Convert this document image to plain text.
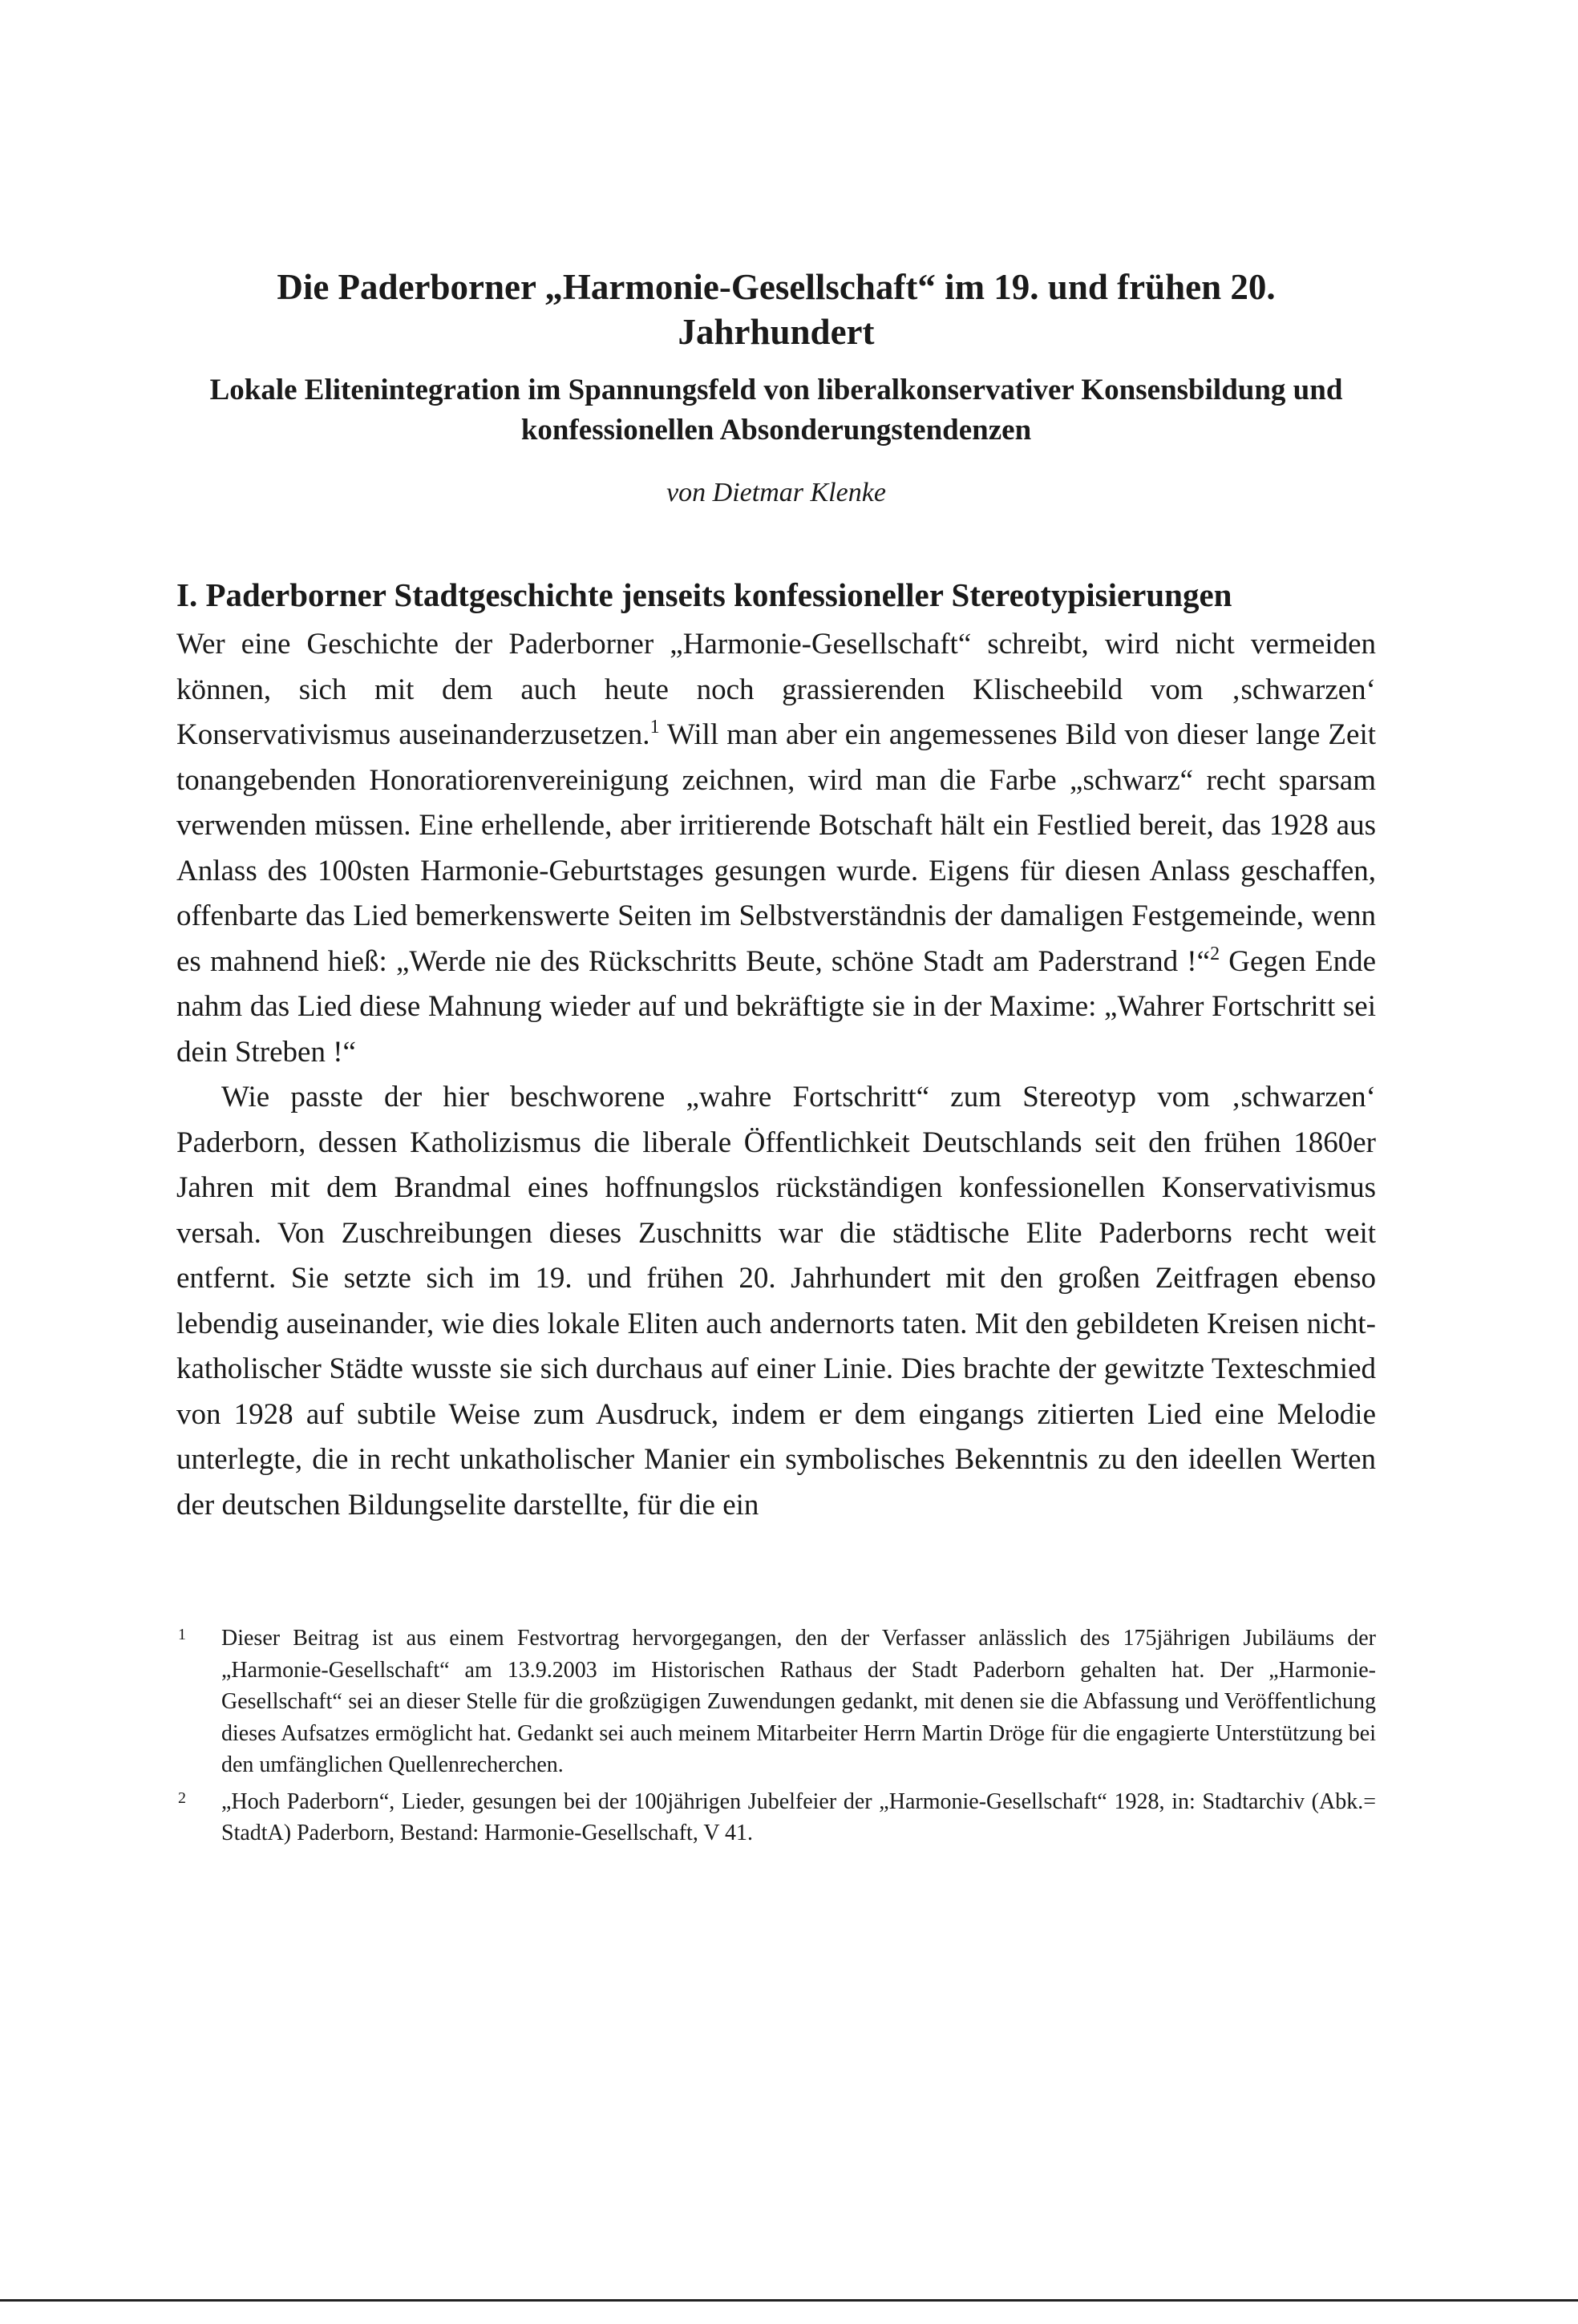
Die Paderborner „Harmonie-Gesellschaft“ im 19. und frühen 20. Jahrhundert
Lokale Elitenintegration im Spannungsfeld von liberalkonservativer Konsensbildung und konfessionellen Absonderungstendenzen
von Dietmar Klenke
I. Paderborner Stadtgeschichte jenseits konfessioneller Stereotypisierungen

Wer eine Geschichte der Paderborner „Harmonie-Gesellschaft“ schreibt, wird nicht vermeiden können, sich mit dem auch heute noch grassierenden Klischeebild vom ‚schwarzen‘ Konservativismus auseinanderzusetzen.$^1$ Will man aber ein angemessenes Bild von dieser lange Zeit tonangebenden Honoratiorenvereinigung zeichnen, wird man die Farbe „schwarz“ recht sparsam verwenden müssen. Eine erhellende, aber irritierende Botschaft hält ein Festlied bereit, das 1928 aus Anlass des 100sten Harmonie-Geburtstages gesungen wurde. Eigens für diesen Anlass geschaffen, offenbarte das Lied bemerkenswerte Seiten im Selbstverständnis der damaligen Festgemeinde, wenn es mahnend hieß: „Werde nie des Rückschritts Beute, schöne Stadt am Paderstrand !“$^2$ Gegen Ende nahm das Lied diese Mahnung wieder auf und bekräftigte sie in der Maxime: „Wahrer Fortschritt sei dein Streben !“

Wie passte der hier beschworene „wahre Fortschritt“ zum Stereotyp vom ‚schwarzen‘ Paderborn, dessen Katholizismus die liberale Öffentlichkeit Deutschlands seit den frühen 1860er Jahren mit dem Brandmal eines hoffnungslos rückständigen konfessionellen Konservativismus versah. Von Zuschreibungen dieses Zuschnitts war die städtische Elite Paderborns recht weit entfernt. Sie setzte sich im 19. und frühen 20. Jahrhundert mit den großen Zeitfragen ebenso lebendig auseinander, wie dies lokale Eliten auch andernorts taten. Mit den gebildeten Kreisen nicht-katholischer Städte wusste sie sich durchaus auf einer Linie. Dies brachte der gewitzte Texteschmied von 1928 auf subtile Weise zum Ausdruck, indem er dem eingangs zitierten Lied eine Melodie unterlegte, die in recht unkatholischer Manier ein symbolisches Bekenntnis zu den ideellen Werten der deutschen Bildungselite darstellte, für die ein

1 Dieser Beitrag ist aus einem Festvortrag hervorgegangen, den der Verfasser anlässlich des 175jährigen Jubiläums der „Harmonie-Gesellschaft“ am 13.9.2003 im Historischen Rathaus der Stadt Paderborn gehalten hat. Der „Harmonie-Gesellschaft“ sei an dieser Stelle für die großzügigen Zuwendungen gedankt, mit denen sie die Abfassung und Veröffentlichung dieses Aufsatzes ermöglicht hat. Gedankt sei auch meinem Mitarbeiter Herrn Martin Dröge für die engagierte Unterstützung bei den umfänglichen Quellenrecherchen.
2 „Hoch Paderborn“, Lieder, gesungen bei der 100jährigen Jubelfeier der „Harmonie-Gesellschaft“ 1928, in: Stadtarchiv (Abk.= StadtA) Paderborn, Bestand: Harmonie-Gesellschaft, V 41.
